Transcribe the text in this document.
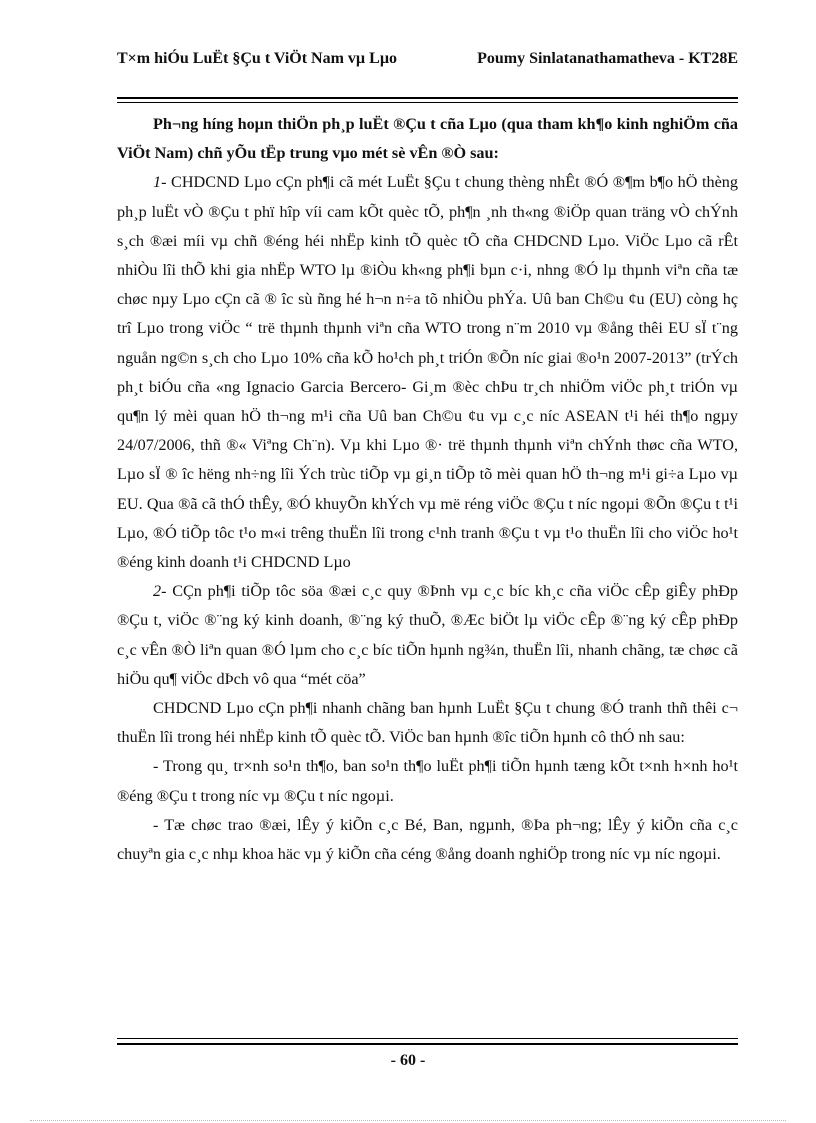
T×m hiÓu LuËt §Çu t ViÖt Nam vµ Lµo	Poumy Sinlatanathamatheva - KT28E

Ph¬ng híng hoµn thiÖn ph¸p luËt ®Çu t cña Lµo (qua tham kh¶o kinh nghiÖm cña ViÖt Nam) chñ yÕu tËp trung vµo mét sè vÊn ®Ò sau:

1- CHDCND Lµo cÇn ph¶i cã mét LuËt §Çu t chung thèng nhÊt ®Ó ®¶m b¶o hÖ thèng ph¸p luËt vÒ ®Çu t phï hîp víi cam kÕt quèc tÕ, ph¶n ¸nh th«ng ®iÖp quan träng vÒ chÝnh s¸ch ®æi míi vµ chñ ®éng héi nhËp kinh tÕ quèc tÕ cña CHDCND Lµo. ViÖc Lµo cã rÊt nhiÒu lîi thÕ khi gia nhËp WTO lµ ®iÒu kh«ng ph¶i bµn c·i, nhng ®Ó lµ thµnh viªn cña tæ chøc nµy Lµo cÇn cã ® îc sù ñng hé h¬n n÷a tõ nhiÒu phÝa. Uû ban Ch©u ¢u (EU) còng hç trî Lµo trong viÖc “ trë thµnh thµnh viªn cña WTO trong n¨m 2010 vµ ®ång thêi EU sÏ t¨ng nguån ng©n s¸ch cho Lµo 10% cña kÕ ho¹ch ph¸t triÓn ®Õn níc giai ®o¹n 2007-2013” (trÝch ph¸t biÓu cña «ng Ignacio Garcia Bercero- Gi¸m ®èc chÞu tr¸ch nhiÖm viÖc ph¸t triÓn vµ qu¶n lý mèi quan hÖ th¬ng m¹i cña Uû ban Ch©u ¢u vµ c¸c níc ASEAN t¹i héi th¶o ngµy 24/07/2006, thñ ®« Viªng Ch¨n). Vµ khi Lµo ®· trë thµnh thµnh viªn chÝnh thøc cña WTO, Lµo sÏ ® îc hëng nh÷ng lîi Ých trùc tiÕp vµ gi¸n tiÕp tõ mèi quan hÖ th¬ng m¹i gi÷a Lµo vµ EU. Qua ®ã cã thÓ thÊy, ®Ó khuyÕn khÝch vµ më réng viÖc ®Çu t níc ngoµi ®Õn ®Çu t t¹i Lµo, ®Ó tiÕp tôc t¹o m«i trêng thuËn lîi trong c¹nh tranh ®Çu t vµ t¹o thuËn lîi cho viÖc ho¹t ®éng kinh doanh t¹i CHDCND Lµo

2- CÇn ph¶i tiÕp tôc söa ®æi c¸c quy ®Þnh vµ c¸c bíc kh¸c cña viÖc cÊp giÊy phÐp ®Çu t, viÖc ®¨ng ký kinh doanh, ®¨ng ký thuÕ, ®Æc biÖt lµ viÖc cÊp ®¨ng ký cÊp phÐp c¸c vÊn ®Ò liªn quan ®Ó lµm cho c¸c bíc tiÕn hµnh ng¾n, thuËn lîi, nhanh chãng, tæ chøc cã hiÖu qu¶ viÖc dÞch vô qua “mét cöa”

CHDCND Lµo cÇn ph¶i nhanh chãng ban hµnh LuËt §Çu t chung ®Ó tranh thñ thêi c¬ thuËn lîi trong héi nhËp kinh tÕ quèc tÕ. ViÖc ban hµnh ®îc tiÕn hµnh cô thÓ nh sau:

- Trong qu¸ tr×nh so¹n th¶o, ban so¹n th¶o luËt ph¶i tiÕn hµnh tæng kÕt t×nh h×nh ho¹t ®éng ®Çu t trong níc vµ ®Çu t níc ngoµi.

- Tæ chøc trao ®æi, lÊy ý kiÕn c¸c Bé, Ban, ngµnh, ®Þa ph¬ng; lÊy ý kiÕn cña c¸c chuyªn gia c¸c nhµ khoa häc vµ ý kiÕn cña céng ®ång doanh nghiÖp trong níc vµ níc ngoµi.

- 60 -
